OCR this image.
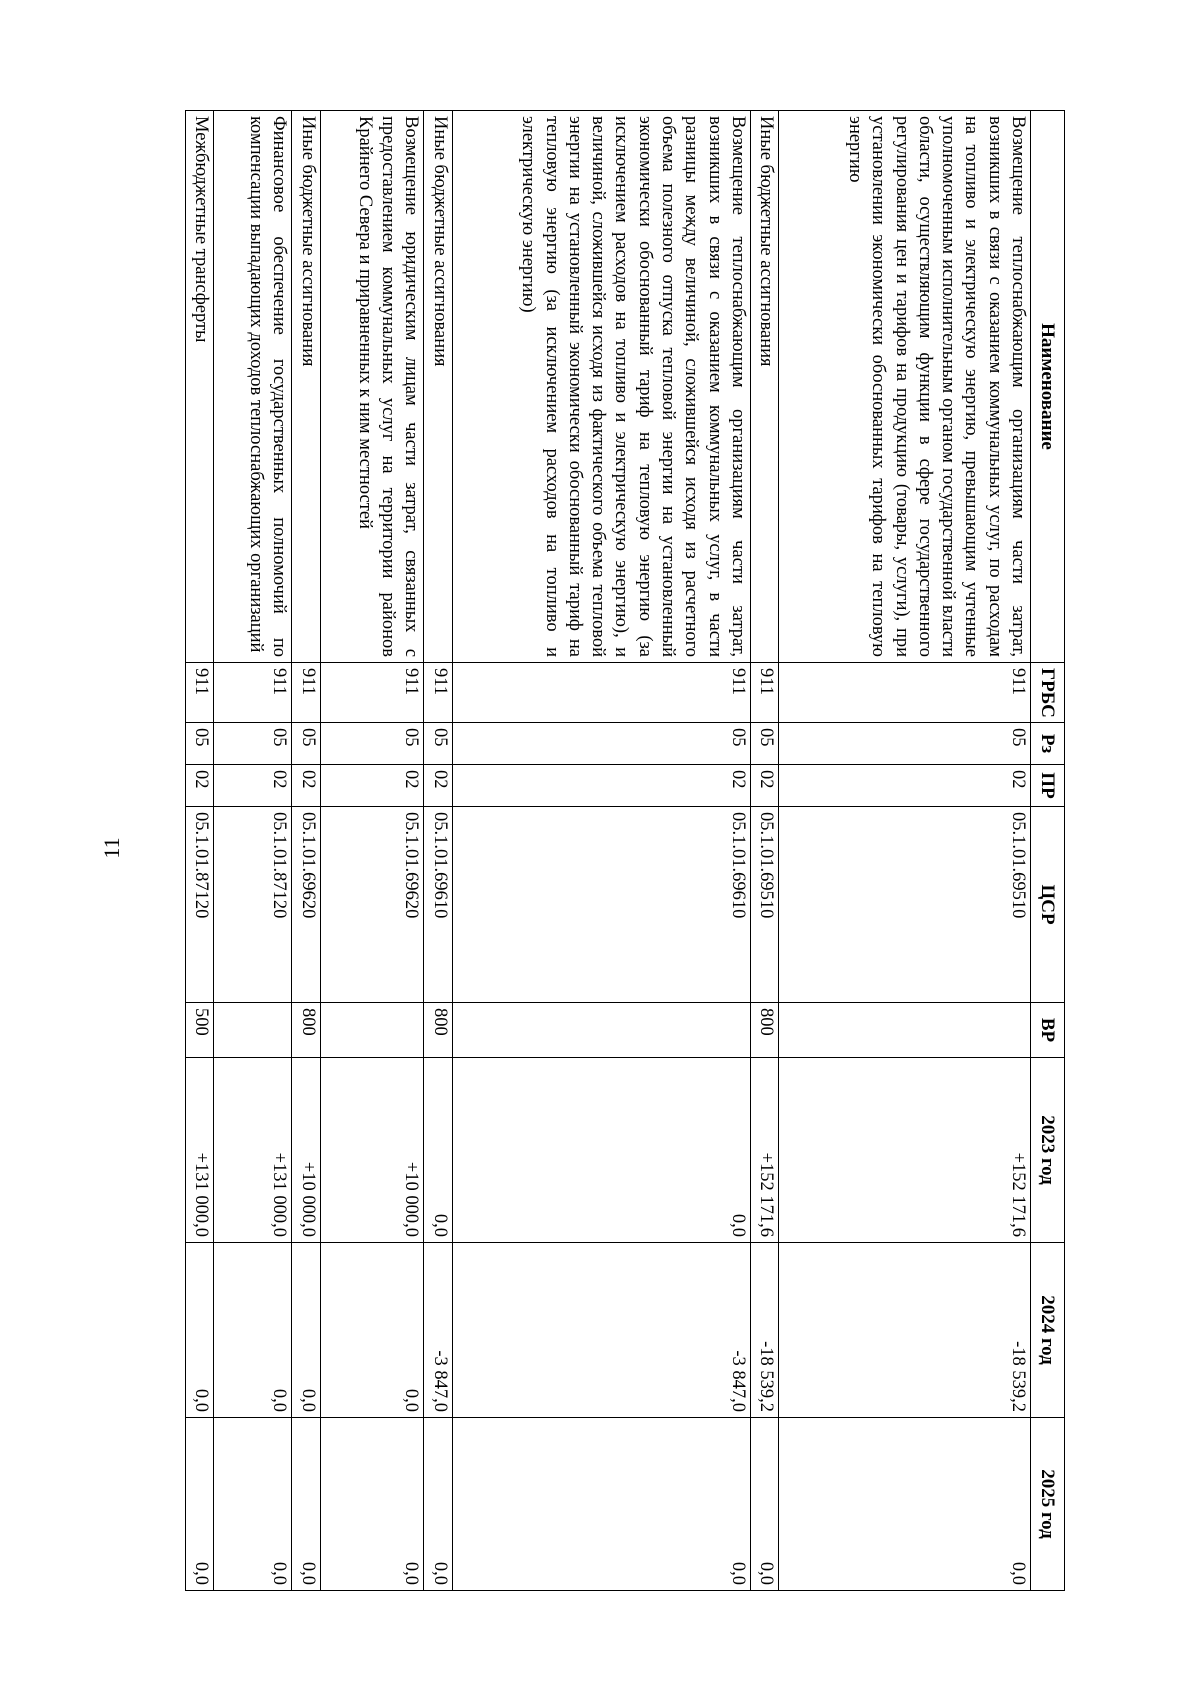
11
Наименование	ГРБС	Рз	ПР	ЦСР	ВР	2023 год	2024 год	2025 год
Возмещение теплоснабжающим организациям части затрат, возникших в связи с оказанием коммунальных услуг, по расходам на топливо и электрическую энергию, превышающим учтенные уполномоченным исполнительным органом государственной власти области, осуществляющим функции в сфере государственного регулирования цен и тарифов на продукцию (товары, услуги), при установлении экономически обоснованных тарифов на тепловую энергию	911	05	02	05.1.01.69510		+152 171,6	-18 539,2	0,0
Иные бюджетные ассигнования	911	05	02	05.1.01.69510	800	+152 171,6	-18 539,2	0,0
Возмещение теплоснабжающим организациям части затрат, возникших в связи с оказанием коммунальных услуг, в части разницы между величиной, сложившейся исходя из расчетного объема полезного отпуска тепловой энергии на установленный экономически обоснованный тариф на тепловую энергию (за исключением расходов на топливо и электрическую энергию), и величиной, сложившейся исходя из фактического объема тепловой энергии на установленный экономически обоснованный тариф на тепловую энергию (за исключением расходов на топливо и электрическую энергию)	911	05	02	05.1.01.69610		0,0	-3 847,0	0,0
Иные бюджетные ассигнования	911	05	02	05.1.01.69610	800	0,0	-3 847,0	0,0
Возмещение юридическим лицам части затрат, связанных с предоставлением коммунальных услуг на территории районов Крайнего Севера и приравненных к ним местностей	911	05	02	05.1.01.69620		+10 000,0	0,0	0,0
Иные бюджетные ассигнования	911	05	02	05.1.01.69620	800	+10 000,0	0,0	0,0
Финансовое обеспечение государственных полномочий по компенсации выпадающих доходов теплоснабжающих организаций	911	05	02	05.1.01.87120		+131 000,0	0,0	0,0
Межбюджетные трансферты	911	05	02	05.1.01.87120	500	+131 000,0	0,0	0,0
